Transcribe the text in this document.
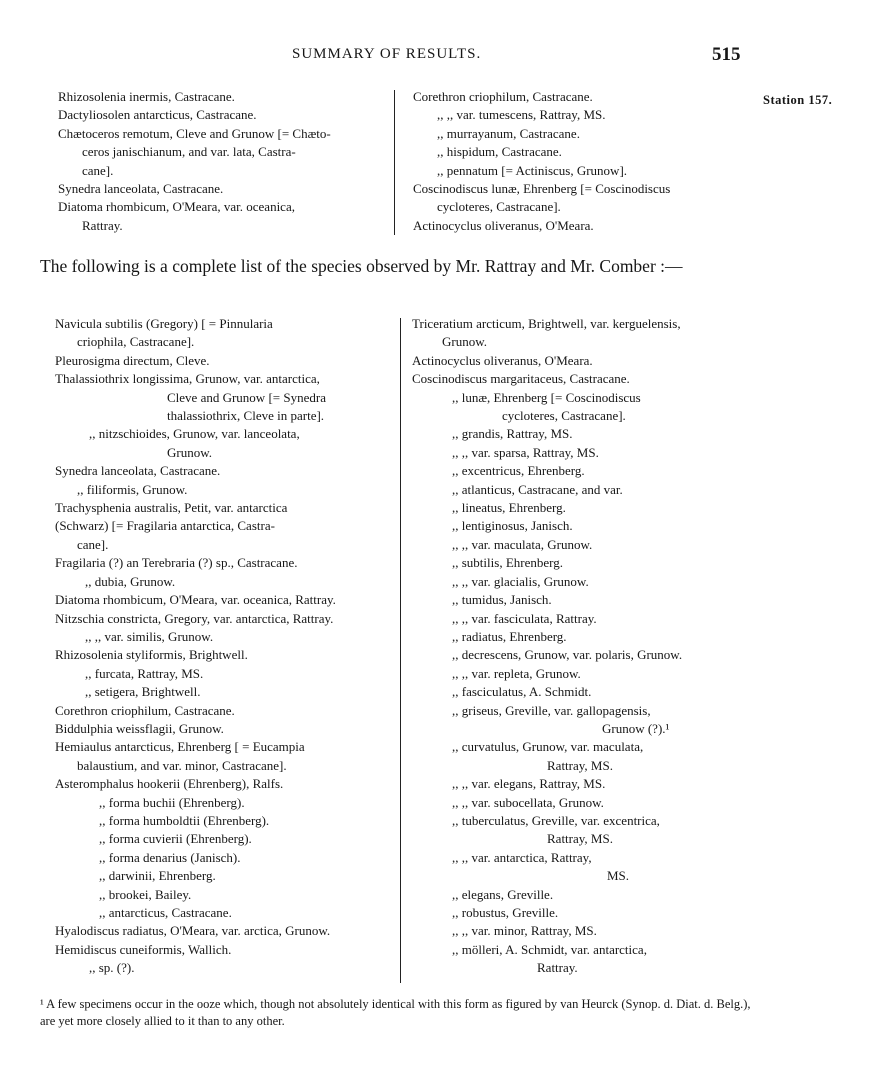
SUMMARY OF RESULTS.	515
Station 157.
Rhizosolenia inermis, Castracane.
Dactyliosolen antarcticus, Castracane.
Chætoceros remotum, Cleve and Grunow [= Chæto-
ceros janischianum, and var. lata, Castra-
cane].
Synedra lanceolata, Castracane.
Diatoma rhombicum, O'Meara, var. oceanica,
Rattray.
Corethron criophilum, Castracane.
,, ,, var. tumescens, Rattray, MS.
,, murrayanum, Castracane.
,, hispidum, Castracane.
,, pennatum [= Actiniscus, Grunow].
Coscinodiscus lunæ, Ehrenberg [= Coscinodiscus
cycloteres, Castracane].
Actinocyclus oliveranus, O'Meara.
The following is a complete list of the species observed by Mr. Rattray and Mr. Comber :—
Navicula subtilis (Gregory) [ = Pinnularia
criophila, Castracane].
Pleurosigma directum, Cleve.
Thalassiothrix longissima, Grunow, var. antarctica,
Cleve and Grunow [= Synedra
thalassiothrix, Cleve in parte].
,, nitzschioides, Grunow, var. lanceolata,
Grunow.
Synedra lanceolata, Castracane.
,, filiformis, Grunow.
Trachysphenia australis, Petit, var. antarctica
(Schwarz) [= Fragilaria antarctica, Castra-
cane].
Fragilaria (?) an Terebraria (?) sp., Castracane.
,, dubia, Grunow.
Diatoma rhombicum, O'Meara, var. oceanica, Rattray.
Nitzschia constricta, Gregory, var. antarctica, Rattray.
,, ,, var. similis, Grunow.
Rhizosolenia styliformis, Brightwell.
,, furcata, Rattray, MS.
,, setigera, Brightwell.
Corethron criophilum, Castracane.
Biddulphia weissflagii, Grunow.
Hemiaulus antarcticus, Ehrenberg [ = Eucampia
balaustium, and var. minor, Castracane].
Asteromphalus hookerii (Ehrenberg), Ralfs.
,, forma buchii (Ehrenberg).
,, forma humboldtii (Ehrenberg).
,, forma cuvierii (Ehrenberg).
,, forma denarius (Janisch).
,, darwinii, Ehrenberg.
,, brookei, Bailey.
,, antarcticus, Castracane.
Hyalodiscus radiatus, O'Meara, var. arctica, Grunow.
Hemidiscus cuneiformis, Wallich.
,, sp. (?).
Triceratium arcticum, Brightwell, var. kerguelensis,
Grunow.
Actinocyclus oliveranus, O'Meara.
Coscinodiscus margaritaceus, Castracane.
,, lunæ, Ehrenberg [= Coscinodiscus
cycloteres, Castracane].
,, grandis, Rattray, MS.
,, ,, var. sparsa, Rattray, MS.
,, excentricus, Ehrenberg.
,, atlanticus, Castracane, and var.
,, lineatus, Ehrenberg.
,, lentiginosus, Janisch.
,, ,, var. maculata, Grunow.
,, subtilis, Ehrenberg.
,, ,, var. glacialis, Grunow.
,, tumidus, Janisch.
,, ,, var. fasciculata, Rattray.
,, radiatus, Ehrenberg.
,, decrescens, Grunow, var. polaris, Grunow.
,, ,, var. repleta, Grunow.
,, fasciculatus, A. Schmidt.
,, griseus, Greville, var. gallopagensis,
Grunow (?).¹
,, curvatulus, Grunow, var. maculata,
Rattray, MS.
,, ,, var. elegans, Rattray, MS.
,, ,, var. subocellata, Grunow.
,, tuberculatus, Greville, var. excentrica,
Rattray, MS.
,, ,, var. antarctica, Rattray,
MS.
,, elegans, Greville.
,, robustus, Greville.
,, ,, var. minor, Rattray, MS.
,, mölleri, A. Schmidt, var. antarctica,
Rattray.
¹ A few specimens occur in the ooze which, though not absolutely identical with this form as figured by van Heurck (Synop. d. Diat. d. Belg.), are yet more closely allied to it than to any other.
